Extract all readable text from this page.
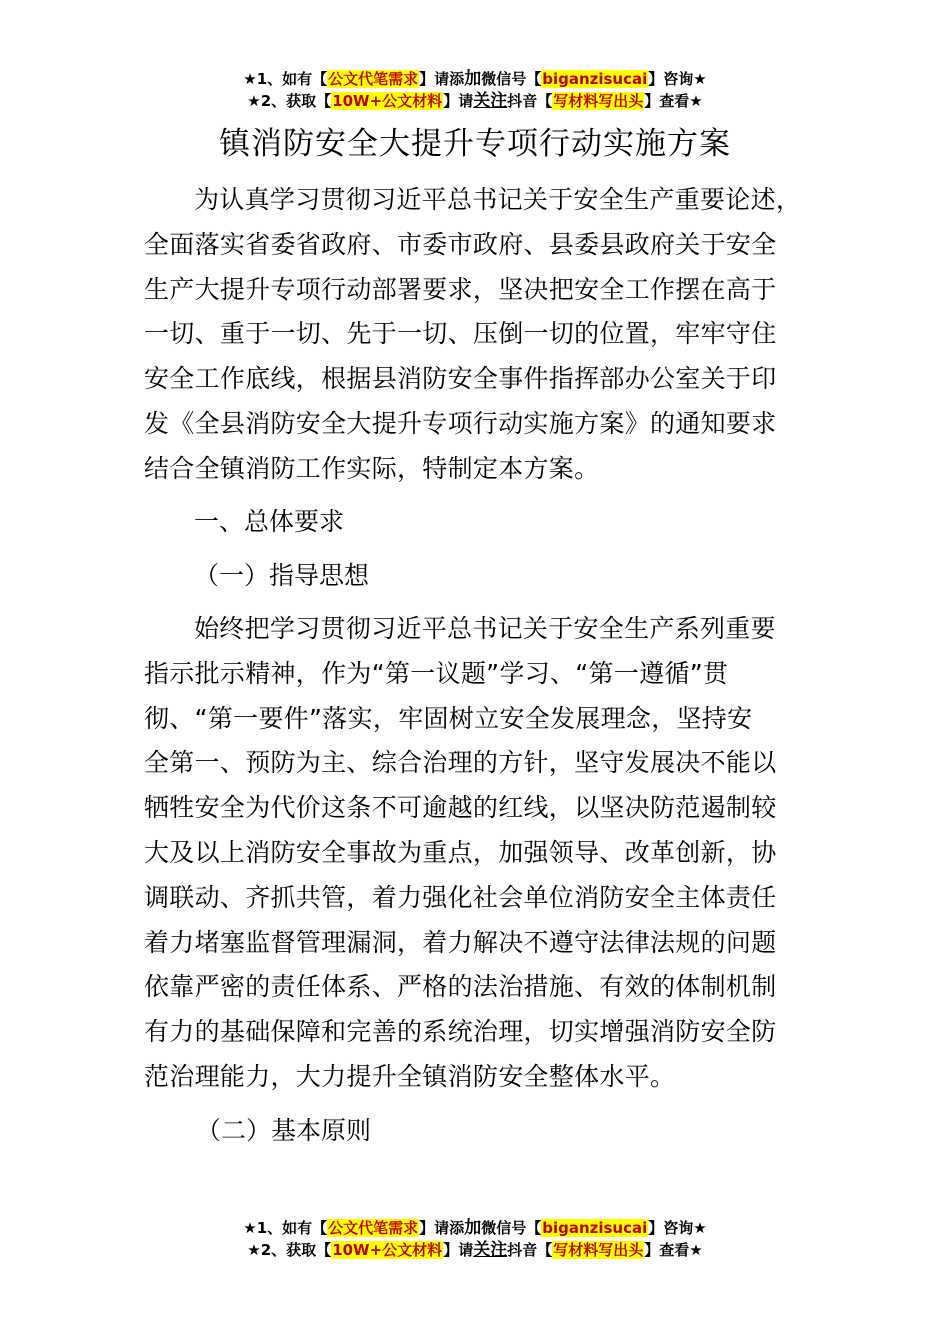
★1、如有【公文代笔需求】请添加微信号【biganzisucai】咨询★
★2、获取【10W+公文材料】请关注抖音【写材料写出头】查看★
镇消防安全大提升专项行动实施方案
为认真学习贯彻习近平总书记关于安全生产重要论述，
全面落实省委省政府、市委市政府、县委县政府关于安全
生产大提升专项行动部署要求，坚决把安全工作摆在高于
一切、重于一切、先于一切、压倒一切的位置，牢牢守住
安全工作底线，根据县消防安全事件指挥部办公室关于印
发《全县消防安全大提升专项行动实施方案》的通知要求
结合全镇消防工作实际，特制定本方案。
一、总体要求
（一）指导思想
始终把学习贯彻习近平总书记关于安全生产系列重要
指示批示精神，作为“第一议题”学习、“第一遵循”贯
彻、“第一要件”落实，牢固树立安全发展理念，坚持安
全第一、预防为主、综合治理的方针，坚守发展决不能以
牺牲安全为代价这条不可逾越的红线，以坚决防范遏制较
大及以上消防安全事故为重点，加强领导、改革创新，协
调联动、齐抓共管，着力强化社会单位消防安全主体责任
着力堵塞监督管理漏洞，着力解决不遵守法律法规的问题
依靠严密的责任体系、严格的法治措施、有效的体制机制
有力的基础保障和完善的系统治理，切实增强消防安全防
范治理能力，大力提升全镇消防安全整体水平。
（二）基本原则
★1、如有【公文代笔需求】请添加微信号【biganzisucai】咨询★
★2、获取【10W+公文材料】请关注抖音【写材料写出头】查看★
